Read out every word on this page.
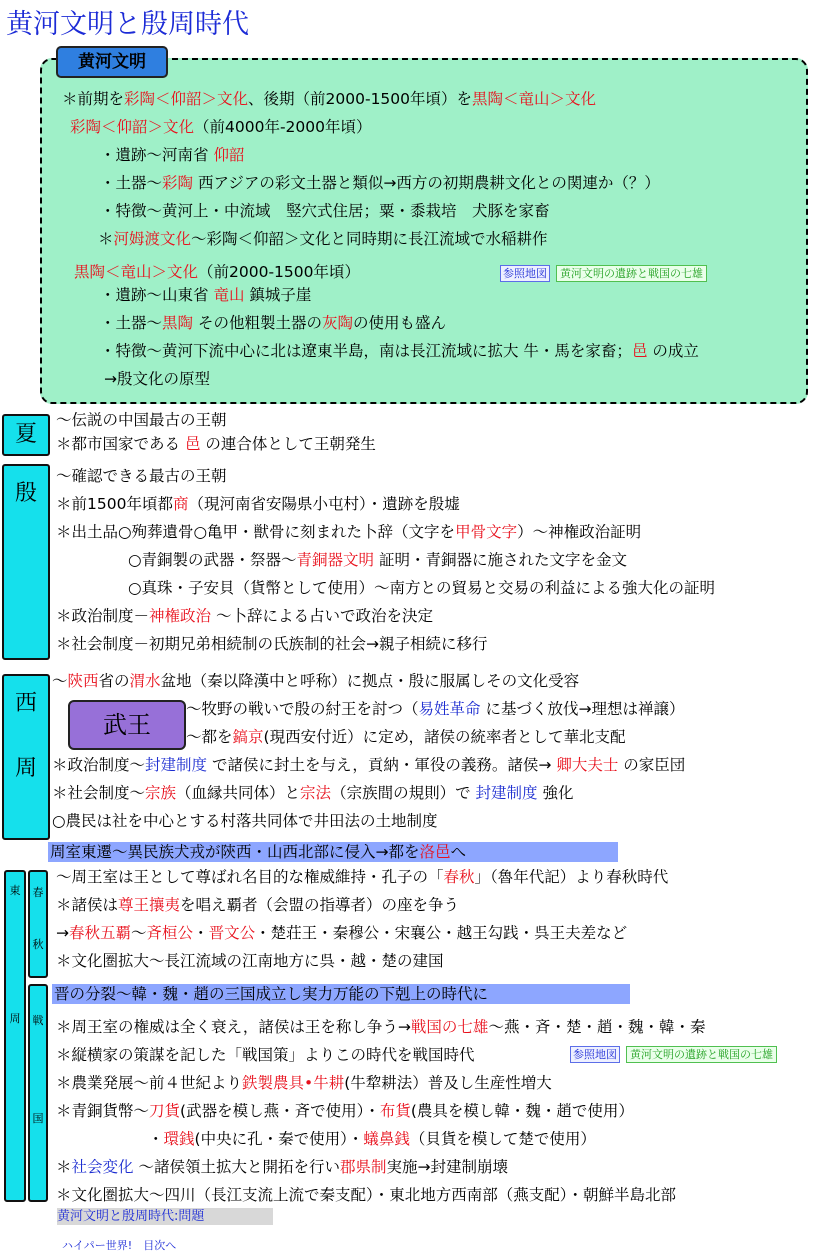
黄河文明と殷周時代
黄河文明
＊前期を彩陶＜仰韶＞文化、後期（前2000-1500年頃）を黒陶＜竜山＞文化
彩陶＜仰韶＞文化（前4000年-2000年頃）
・遺跡～河南省 仰韶
・土器～彩陶 西アジアの彩文土器と類似→西方の初期農耕文化との関連か（？）
・特徴～黄河上・中流域　竪穴式住居；粟・黍栽培　犬豚を家畜
＊河姆渡文化～彩陶＜仰韶＞文化と同時期に長江流域で水稲耕作
黒陶＜竜山＞文化（前2000-1500年頃）	参照地図	黄河文明の遺跡と戦国の七雄
・遺跡～山東省 竜山 鎮城子崖
・土器～黒陶 その他粗製土器の灰陶の使用も盛ん
・特徴～黄河下流中心に北は遼東半島，南は長江流域に拡大 牛・馬を家畜；邑 の成立
→殷文化の原型
夏
～伝説の中国最古の王朝
＊都市国家である 邑 の連合体として王朝発生
殷
～確認できる最古の王朝
＊前1500年頃都商（現河南省安陽県小屯村）・遺跡を殷墟
＊出土品○殉葬遺骨○亀甲・獣骨に刻まれた卜辞（文字を甲骨文字）～神権政治証明
○青銅製の武器・祭器～青銅器文明 証明・青銅器に施された文字を金文
○真珠・子安貝（貨幣として使用）～南方との貿易と交易の利益による強大化の証明
＊政治制度－神権政治 ～卜辞による占いで政治を決定
＊社会制度－初期兄弟相続制の氏族制的社会→親子相続に移行
西
周
～陝西省の渭水盆地（秦以降漢中と呼称）に拠点・殷に服属しその文化受容
武王
～牧野の戦いで殷の紂王を討つ（易姓革命 に基づく放伐→理想は禅譲）
～都を鎬京(現西安付近）に定め，諸侯の統率者として華北支配
＊政治制度～封建制度 で諸侯に封土を与え，貢納・軍役の義務。諸侯→ 卿大夫士 の家臣団
＊社会制度～宗族（血縁共同体）と宗法（宗族間の規則）で 封建制度 強化
○農民は社を中心とする村落共同体で井田法の土地制度
周室東遷～異民族犬戎が陝西・山西北部に侵入→都を洛邑へ
東
周
春
秋
～周王室は王として尊ばれ名目的な権威維持・孔子の「春秋」（魯年代記）より春秋時代
＊諸侯は尊王攘夷を唱え覇者（会盟の指導者）の座を争う
→春秋五覇～斉桓公・晋文公・楚荘王・秦穆公・宋襄公・越王勾践・呉王夫差など
＊文化圏拡大～長江流域の江南地方に呉・越・楚の建国
晋の分裂～韓・魏・趙の三国成立し実力万能の下剋上の時代に
戦
国
＊周王室の権威は全く衰え，諸侯は王を称し争う→戦国の七雄～燕・斉・楚・趙・魏・韓・秦
＊縦横家の策謀を記した「戦国策」よりこの時代を戦国時代	参照地図	黄河文明の遺跡と戦国の七雄
＊農業発展～前４世紀より鉄製農具•牛耕(牛犂耕法）普及し生産性増大
＊青銅貨幣～刀貨(武器を模し燕・斉で使用）・布貨(農具を模し韓・魏・趙で使用）
・環銭(中央に孔・秦で使用）・蟻鼻銭（貝貨を模して楚で使用）
＊社会変化 ～諸侯領土拡大と開拓を行い郡県制実施→封建制崩壊
＊文化圏拡大～四川（長江支流上流で秦支配）・東北地方西南部（燕支配）・朝鮮半島北部
黄河文明と殷周時代:問題
ハイパー世界!　目次へ
